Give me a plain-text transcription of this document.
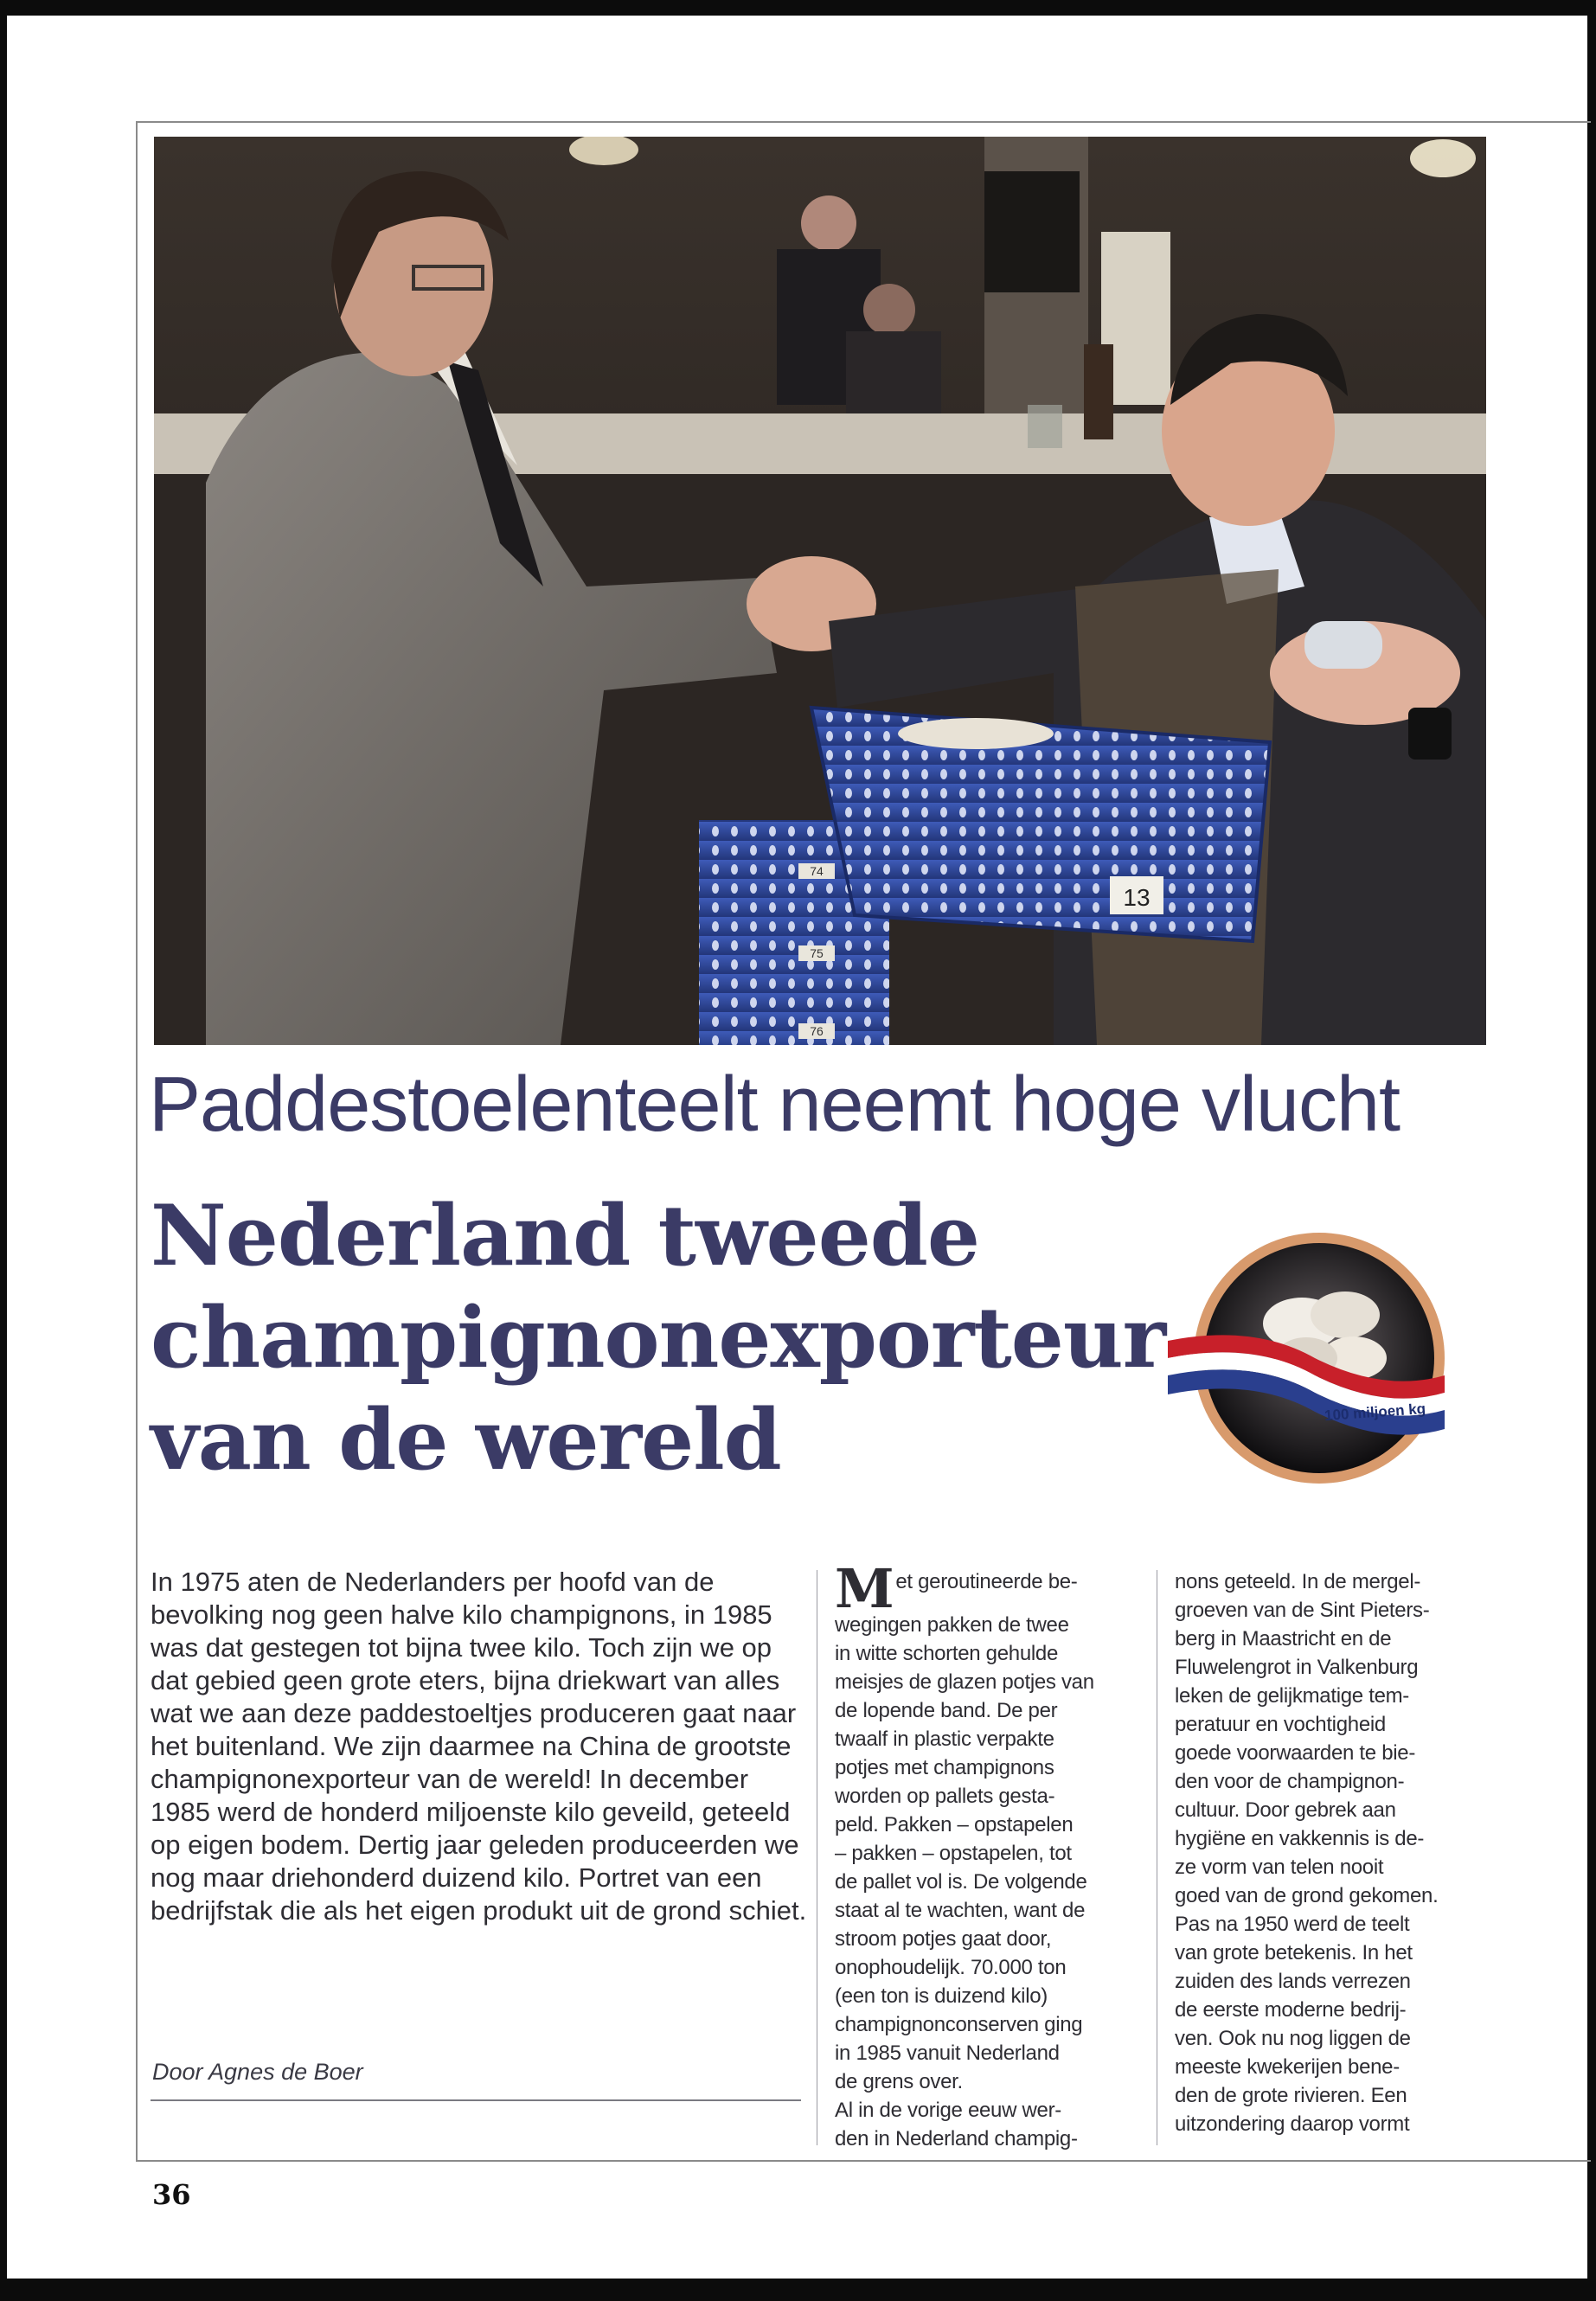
74
75
76
13
Paddestoelenteelt neemt hoge vlucht
Nederland tweede
champignonexporteur
van de wereld	100 miljoen kg
In 1975 aten de Nederlanders per hoofd van de bevolking nog geen halve kilo champignons, in 1985 was dat gestegen tot bijna twee kilo. Toch zijn we op dat gebied geen grote eters, bijna driekwart van alles wat we aan deze paddestoeltjes produceren gaat naar het buitenland. We zijn daarmee na China de grootste champignonexporteur van de wereld! In december 1985 werd de honderd miljoenste kilo geveild, geteeld op eigen bodem. Dertig jaar geleden produceerden we nog maar driehonderd duizend kilo. Portret van een bedrijfstak die als het eigen produkt uit de grond schiet.
Door Agnes de Boer

Met geroutineerde be-

wegingen pakken de twee

in witte schorten gehulde

meisjes de glazen potjes van

de lopende band. De per

twaalf in plastic verpakte

potjes met champignons

worden op pallets gesta-

peld. Pakken – opstapelen

– pakken – opstapelen, tot

de pallet vol is. De volgende

staat al te wachten, want de

stroom potjes gaat door,

onophoudelijk. 70.000 ton

(een ton is duizend kilo)

champignonconserven ging

in 1985 vanuit Nederland

de grens over.

Al in de vorige eeuw wer-

den in Nederland champig-

nons geteeld. In de mergel-

groeven van de Sint Pieters-

berg in Maastricht en de

Fluwelengrot in Valkenburg

leken de gelijkmatige tem-

peratuur en vochtigheid

goede voorwaarden te bie-

den voor de champignon-

cultuur. Door gebrek aan

hygiëne en vakkennis is de-

ze vorm van telen nooit

goed van de grond gekomen.

Pas na 1950 werd de teelt

van grote betekenis. In het

zuiden des lands verrezen

de eerste moderne bedrij-

ven. Ook nu nog liggen de

meeste kwekerijen bene-

den de grote rivieren. Een

uitzondering daarop vormt

36
